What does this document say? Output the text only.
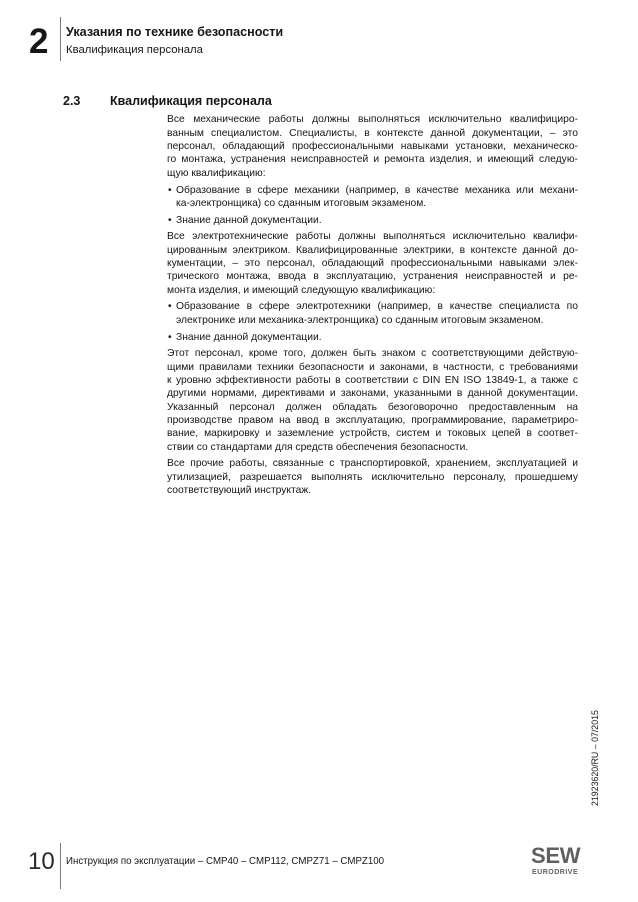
2 Указания по технике безопасности
Квалификация персонала
2.3 Квалификация персонала
Все механические работы должны выполняться исключительно квалифициро-
ванным специалистом. Специалисты, в контексте данной документации, – это
персонал, обладающий профессиональными навыками установки, механическо-
го монтажа, устранения неисправностей и ремонта изделия, и имеющий следую-
щую квалификацию:
• Образование в сфере механики (например, в качестве механика или механи-
ка-электронщика) со сданным итоговым экзаменом.
• Знание данной документации.
Все электротехнические работы должны выполняться исключительно квалифи-
цированным электриком. Квалифицированные электрики, в контексте данной до-
кументации, – это персонал, обладающий профессиональными навыками элек-
трического монтажа, ввода в эксплуатацию, устранения неисправностей и ре-
монта изделия, и имеющий следующую квалификацию:
• Образование в сфере электротехники (например, в качестве специалиста по
электронике или механика-электронщика) со сданным итоговым экзаменом.
• Знание данной документации.
Этот персонал, кроме того, должен быть знаком с соответствующими действую-
щими правилами техники безопасности и законами, в частности, с требованиями
к уровню эффективности работы в соответствии с DIN EN ISO 13849-1, а также с
другими нормами, директивами и законами, указанными в данной документации.
Указанный персонал должен обладать безоговорочно предоставленным на
производстве правом на ввод в эксплуатацию, программирование, параметриро-
вание, маркировку и заземление устройств, систем и токовых цепей в соответ-
ствии со стандартами для средств обеспечения безопасности.
Все прочие работы, связанные с транспортировкой, хранением, эксплуатацией и
утилизацией, разрешается выполнять исключительно персоналу, прошедшему
соответствующий инструктаж.
21923620/RU – 07/2015
10 Инструкция по эксплуатации – CMP40 – CMP112, CMPZ71 – CMPZ100	SEW
EURODRIVE
